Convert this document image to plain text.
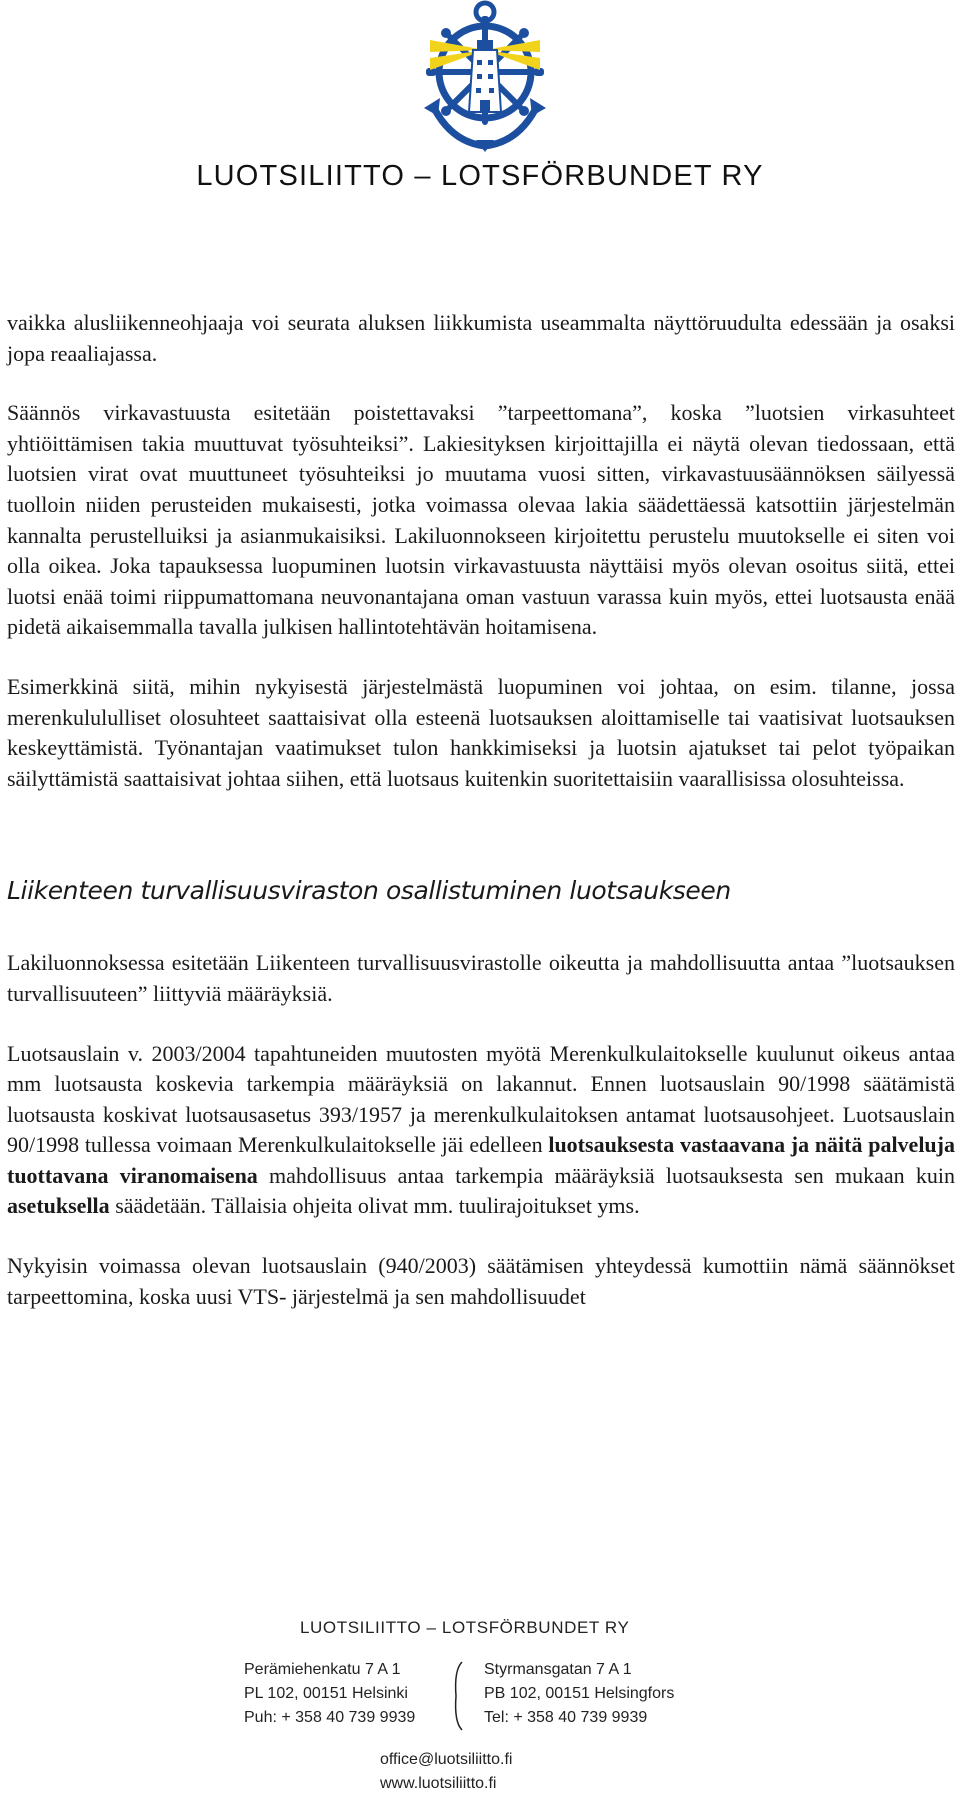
LUOTSILIITTO – LOTSFÖRBUNDET RY

vaikka alusliikenneohjaaja voi seurata aluksen liikkumista useammalta näyttöruudulta edessään ja osaksi jopa reaaliajassa.

Säännös virkavastuusta esitetään poistettavaksi ”tarpeettomana”, koska ”luotsien virkasuhteet yhtiöittämisen takia muuttuvat työsuhteiksi”. Lakiesityksen kirjoittajilla ei näytä olevan tiedossaan, että luotsien virat ovat muuttuneet työsuhteiksi jo muutama vuosi sitten, virkavastuusäännöksen säilyessä tuolloin niiden perusteiden mukaisesti, jotka voimassa olevaa lakia säädettäessä katsottiin järjestelmän kannalta perustelluiksi ja asianmukaisiksi. Lakiluonnokseen kirjoitettu perustelu muutokselle ei siten voi olla oikea. Joka tapauksessa luopuminen luotsin virkavastuusta näyttäisi myös olevan osoitus siitä, ettei luotsi enää toimi riippumattomana neuvonantajana oman vastuun varassa kuin myös, ettei luotsausta enää pidetä aikaisemmalla tavalla julkisen hallintotehtävän hoitamisena.

Esimerkkinä siitä, mihin nykyisestä järjestelmästä luopuminen voi johtaa, on esim. tilanne, jossa merenkulululliset olosuhteet saattaisivat olla esteenä luotsauksen aloittamiselle tai vaatisivat luotsauksen keskeyttämistä. Työnantajan vaatimukset tulon hankkimiseksi ja luotsin ajatukset tai pelot työpaikan säilyttämistä saattaisivat johtaa siihen, että luotsaus kuitenkin suoritettaisiin vaarallisissa olosuhteissa.

Liikenteen turvallisuusviraston osallistuminen luotsaukseen

Lakiluonnoksessa esitetään Liikenteen turvallisuusvirastolle oikeutta ja mahdollisuutta antaa ”luotsauksen turvallisuuteen” liittyviä määräyksiä.

Luotsauslain v. 2003/2004 tapahtuneiden muutosten myötä Merenkulkulaitokselle kuulunut oikeus antaa mm luotsausta koskevia tarkempia määräyksiä on lakannut. Ennen luotsauslain 90/1998 säätämistä luotsausta koskivat luotsausasetus 393/1957 ja merenkulkulaitoksen antamat luotsausohjeet. Luotsauslain 90/1998 tullessa voimaan Merenkulkulaitokselle jäi edelleen luotsauksesta vastaavana ja näitä palveluja tuottavana viranomaisena mahdollisuus antaa tarkempia määräyksiä luotsauksesta sen mukaan kuin asetuksella säädetään. Tällaisia ohjeita olivat mm. tuulirajoitukset yms.

Nykyisin voimassa olevan luotsauslain (940/2003) säätämisen yhteydessä kumottiin nämä säännökset tarpeettomina, koska uusi VTS- järjestelmä ja sen mahdollisuudet

LUOTSILIITTO – LOTSFÖRBUNDET RY
Perämiehenkatu 7 A 1
PL 102, 00151 Helsinki
Puh: + 358 40 739 9939
Styrmansgatan 7 A 1
PB 102, 00151 Helsingfors
Tel: + 358 40 739 9939
office@luotsiliitto.fi
www.luotsiliitto.fi
